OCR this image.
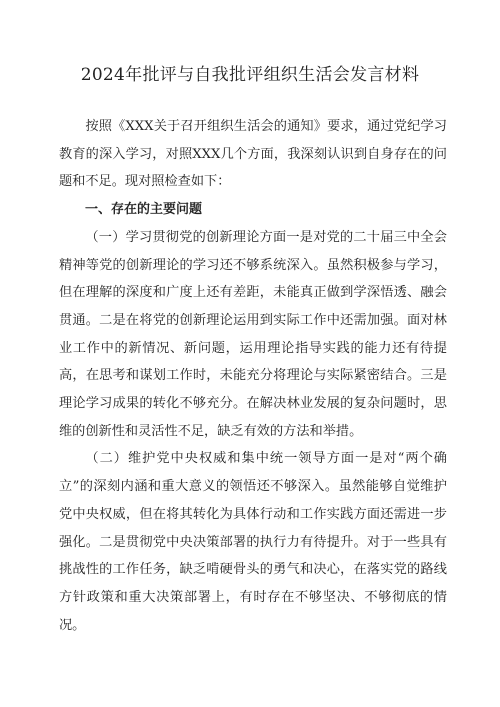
2024年批评与自我批评组织生活会发言材料

按照《XXX关于召开组织生活会的通知》要求，通过党纪学习教育的深入学习，对照XXX几个方面，我深刻认识到自身存在的问题和不足。现对照检查如下：

一、存在的主要问题

（一）学习贯彻党的创新理论方面一是对党的二十届三中全会精神等党的创新理论的学习还不够系统深入。虽然积极参与学习，但在理解的深度和广度上还有差距，未能真正做到学深悟透、融会贯通。二是在将党的创新理论运用到实际工作中还需加强。面对林业工作中的新情况、新问题，运用理论指导实践的能力还有待提高，在思考和谋划工作时，未能充分将理论与实际紧密结合。三是理论学习成果的转化不够充分。在解决林业发展的复杂问题时，思维的创新性和灵活性不足，缺乏有效的方法和举措。

（二）维护党中央权威和集中统一领导方面一是对“两个确立”的深刻内涵和重大意义的领悟还不够深入。虽然能够自觉维护党中央权威，但在将其转化为具体行动和工作实践方面还需进一步强化。二是贯彻党中央决策部署的执行力有待提升。对于一些具有挑战性的工作任务，缺乏啃硬骨头的勇气和决心，在落实党的路线方针政策和重大决策部署上，有时存在不够坚决、不够彻底的情况。
